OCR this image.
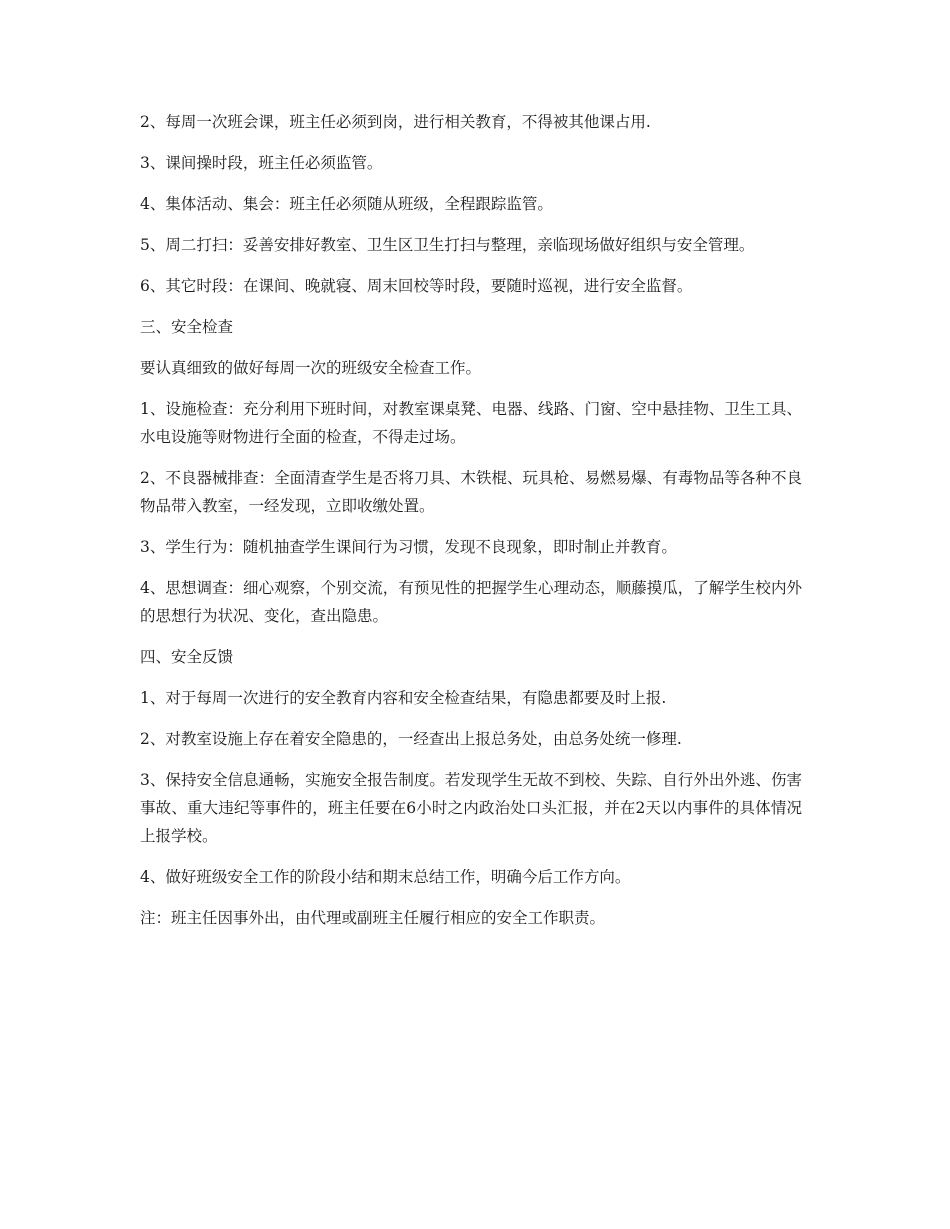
2、每周一次班会课，班主任必须到岗，进行相关教育，不得被其他课占用.

3、课间操时段，班主任必须监管。

4、集体活动、集会：班主任必须随从班级，全程跟踪监管。

5、周二打扫：妥善安排好教室、卫生区卫生打扫与整理，亲临现场做好组织与安全管理。

6、其它时段：在课间、晚就寝、周末回校等时段，要随时巡视，进行安全监督。

三、安全检查

要认真细致的做好每周一次的班级安全检查工作。

1、设施检查：充分利用下班时间，对教室课桌凳、电器、线路、门窗、空中悬挂物、卫生工具、水电设施等财物进行全面的检查，不得走过场。

2、不良器械排查：全面清查学生是否将刀具、木铁棍、玩具枪、易燃易爆、有毒物品等各种不良物品带入教室，一经发现，立即收缴处置。

3、学生行为：随机抽查学生课间行为习惯，发现不良现象，即时制止并教育。

4、思想调查：细心观察，个别交流，有预见性的把握学生心理动态，顺藤摸瓜，了解学生校内外的思想行为状况、变化，查出隐患。

四、安全反馈

1、对于每周一次进行的安全教育内容和安全检查结果，有隐患都要及时上报.

2、对教室设施上存在着安全隐患的，一经查出上报总务处，由总务处统一修理.

3、保持安全信息通畅，实施安全报告制度。若发现学生无故不到校、失踪、自行外出外逃、伤害事故、重大违纪等事件的，班主任要在6小时之内政治处口头汇报，并在2天以内事件的具体情况上报学校。

4、做好班级安全工作的阶段小结和期末总结工作，明确今后工作方向。

注：班主任因事外出，由代理或副班主任履行相应的安全工作职责。
